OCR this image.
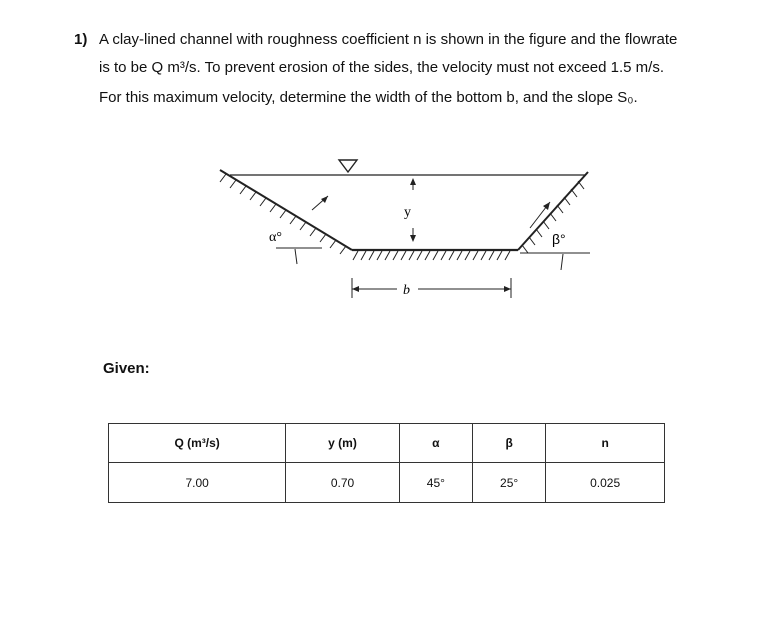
1) A clay-lined channel with roughness coefficient n is shown in the figure and the flowrate
is to be Q m³/s. To prevent erosion of the sides, the velocity must not exceed 1.5 m/s.
For this maximum velocity, determine the width of the bottom b, and the slope S₀.
y
α°	β°
b
Given:
Q (m³/s)	y (m)	α	β	n
7.00	0.70	45°	25°	0.025
